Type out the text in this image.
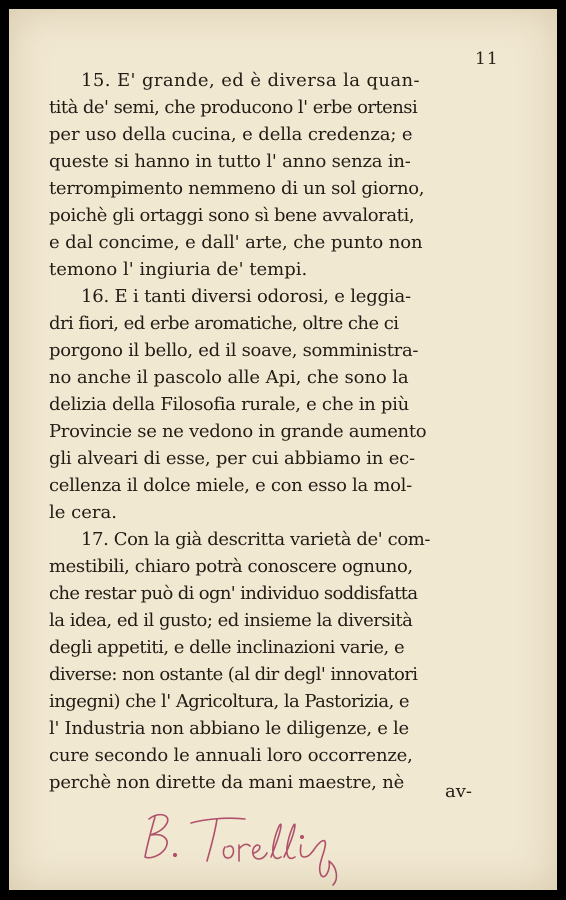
11
15. E' grande, ed è diversa la quan-
tità de' semi, che producono l' erbe ortensi
per uso della cucina, e della credenza; e
queste si hanno in tutto l' anno senza in-
terrompimento nemmeno di un sol giorno,
poichè gli ortaggi sono sì bene avvalorati,
e dal concime, e dall' arte, che punto non
temono l' ingiuria de' tempi.
16. E i tanti diversi odorosi, e leggia-
dri fiori, ed erbe aromatiche, oltre che ci
porgono il bello, ed il soave, somministra-
no anche il pascolo alle Api, che sono la
delizia della Filosofia rurale, e che in più
Provincie se ne vedono in grande aumento
gli alveari di esse, per cui abbiamo in ec-
cellenza il dolce miele, e con esso la mol-
le cera.
17. Con la già descritta varietà de' com-
mestibili, chiaro potrà conoscere ognuno,
che restar può di ogn' individuo soddisfatta
la idea, ed il gusto; ed insieme la diversità
degli appetiti, e delle inclinazioni varie, e
diverse: non ostante (al dir degl' innovatori
ingegni) che l' Agricoltura, la Pastorizia, e
l' Industria non abbiano le diligenze, e le
cure secondo le annuali loro occorrenze,
perchè non dirette da mani maestre, nè av-
